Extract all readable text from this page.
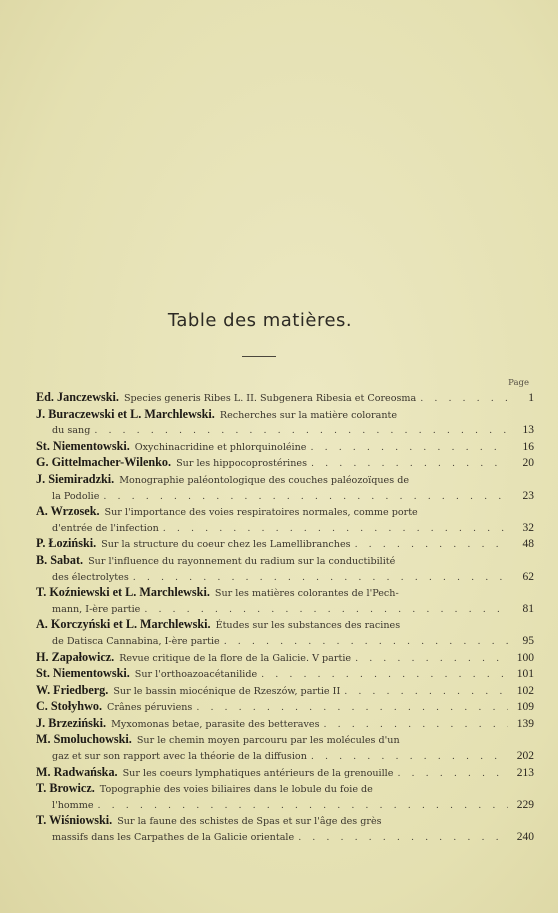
Table des matières.
Page
Ed. Janczewski. Species generis Ribes L. II. Subgenera Ribesia et Coreosma . . .	1
J. Buraczewski et L. Marchlewski. Recherches sur la matière colorante
du sang . . .	13
St. Niementowski. Oxychinacridine et phlorquinoléine . . .	16
G. Gittelmacher-Wilenko. Sur les hippocoprostérines . . .	20
J. Siemiradzki. Monographie paléontologique des couches paléozoïques de
la Podolie . . .	23
A. Wrzosek. Sur l'importance des voies respiratoires normales, comme porte
d'entrée de l'infection . . .	32
P. Łoziński. Sur la structure du coeur chez les Lamellibranches . . .	48
B. Sabat. Sur l'influence du rayonnement du radium sur la conductibilité
des électrolytes . . .	62
T. Koźniewski et L. Marchlewski. Sur les matières colorantes de l'Pech-
mann, I-ère partie . . .	81
A. Korczyński et L. Marchlewski. Études sur les substances des racines
de Datisca Cannabina, I-ère partie . . .	95
H. Zapałowicz. Revue critique de la flore de la Galicie. V partie . . .	100
St. Niementowski. Sur l'orthoazoacétanilide . . .	101
W. Friedberg. Sur le bassin miocénique de Rzeszów, partie II . . .	102
C. Stołyhwo. Crânes péruviens . . .	109
J. Brzeziński. Myxomonas betae, parasite des betteraves . . .	139
M. Smoluchowski. Sur le chemin moyen parcouru par les molécules d'un
gaz et sur son rapport avec la théorie de la diffusion . . .	202
M. Radwańska. Sur les coeurs lymphatiques antérieurs de la grenouille . . .	213
T. Browicz. Topographie des voies biliaires dans le lobule du foie de
l'homme . . .	229
T. Wiśniowski. Sur la faune des schistes de Spas et sur l'âge des grès
massifs dans les Carpathes de la Galicie orientale . . .	240
